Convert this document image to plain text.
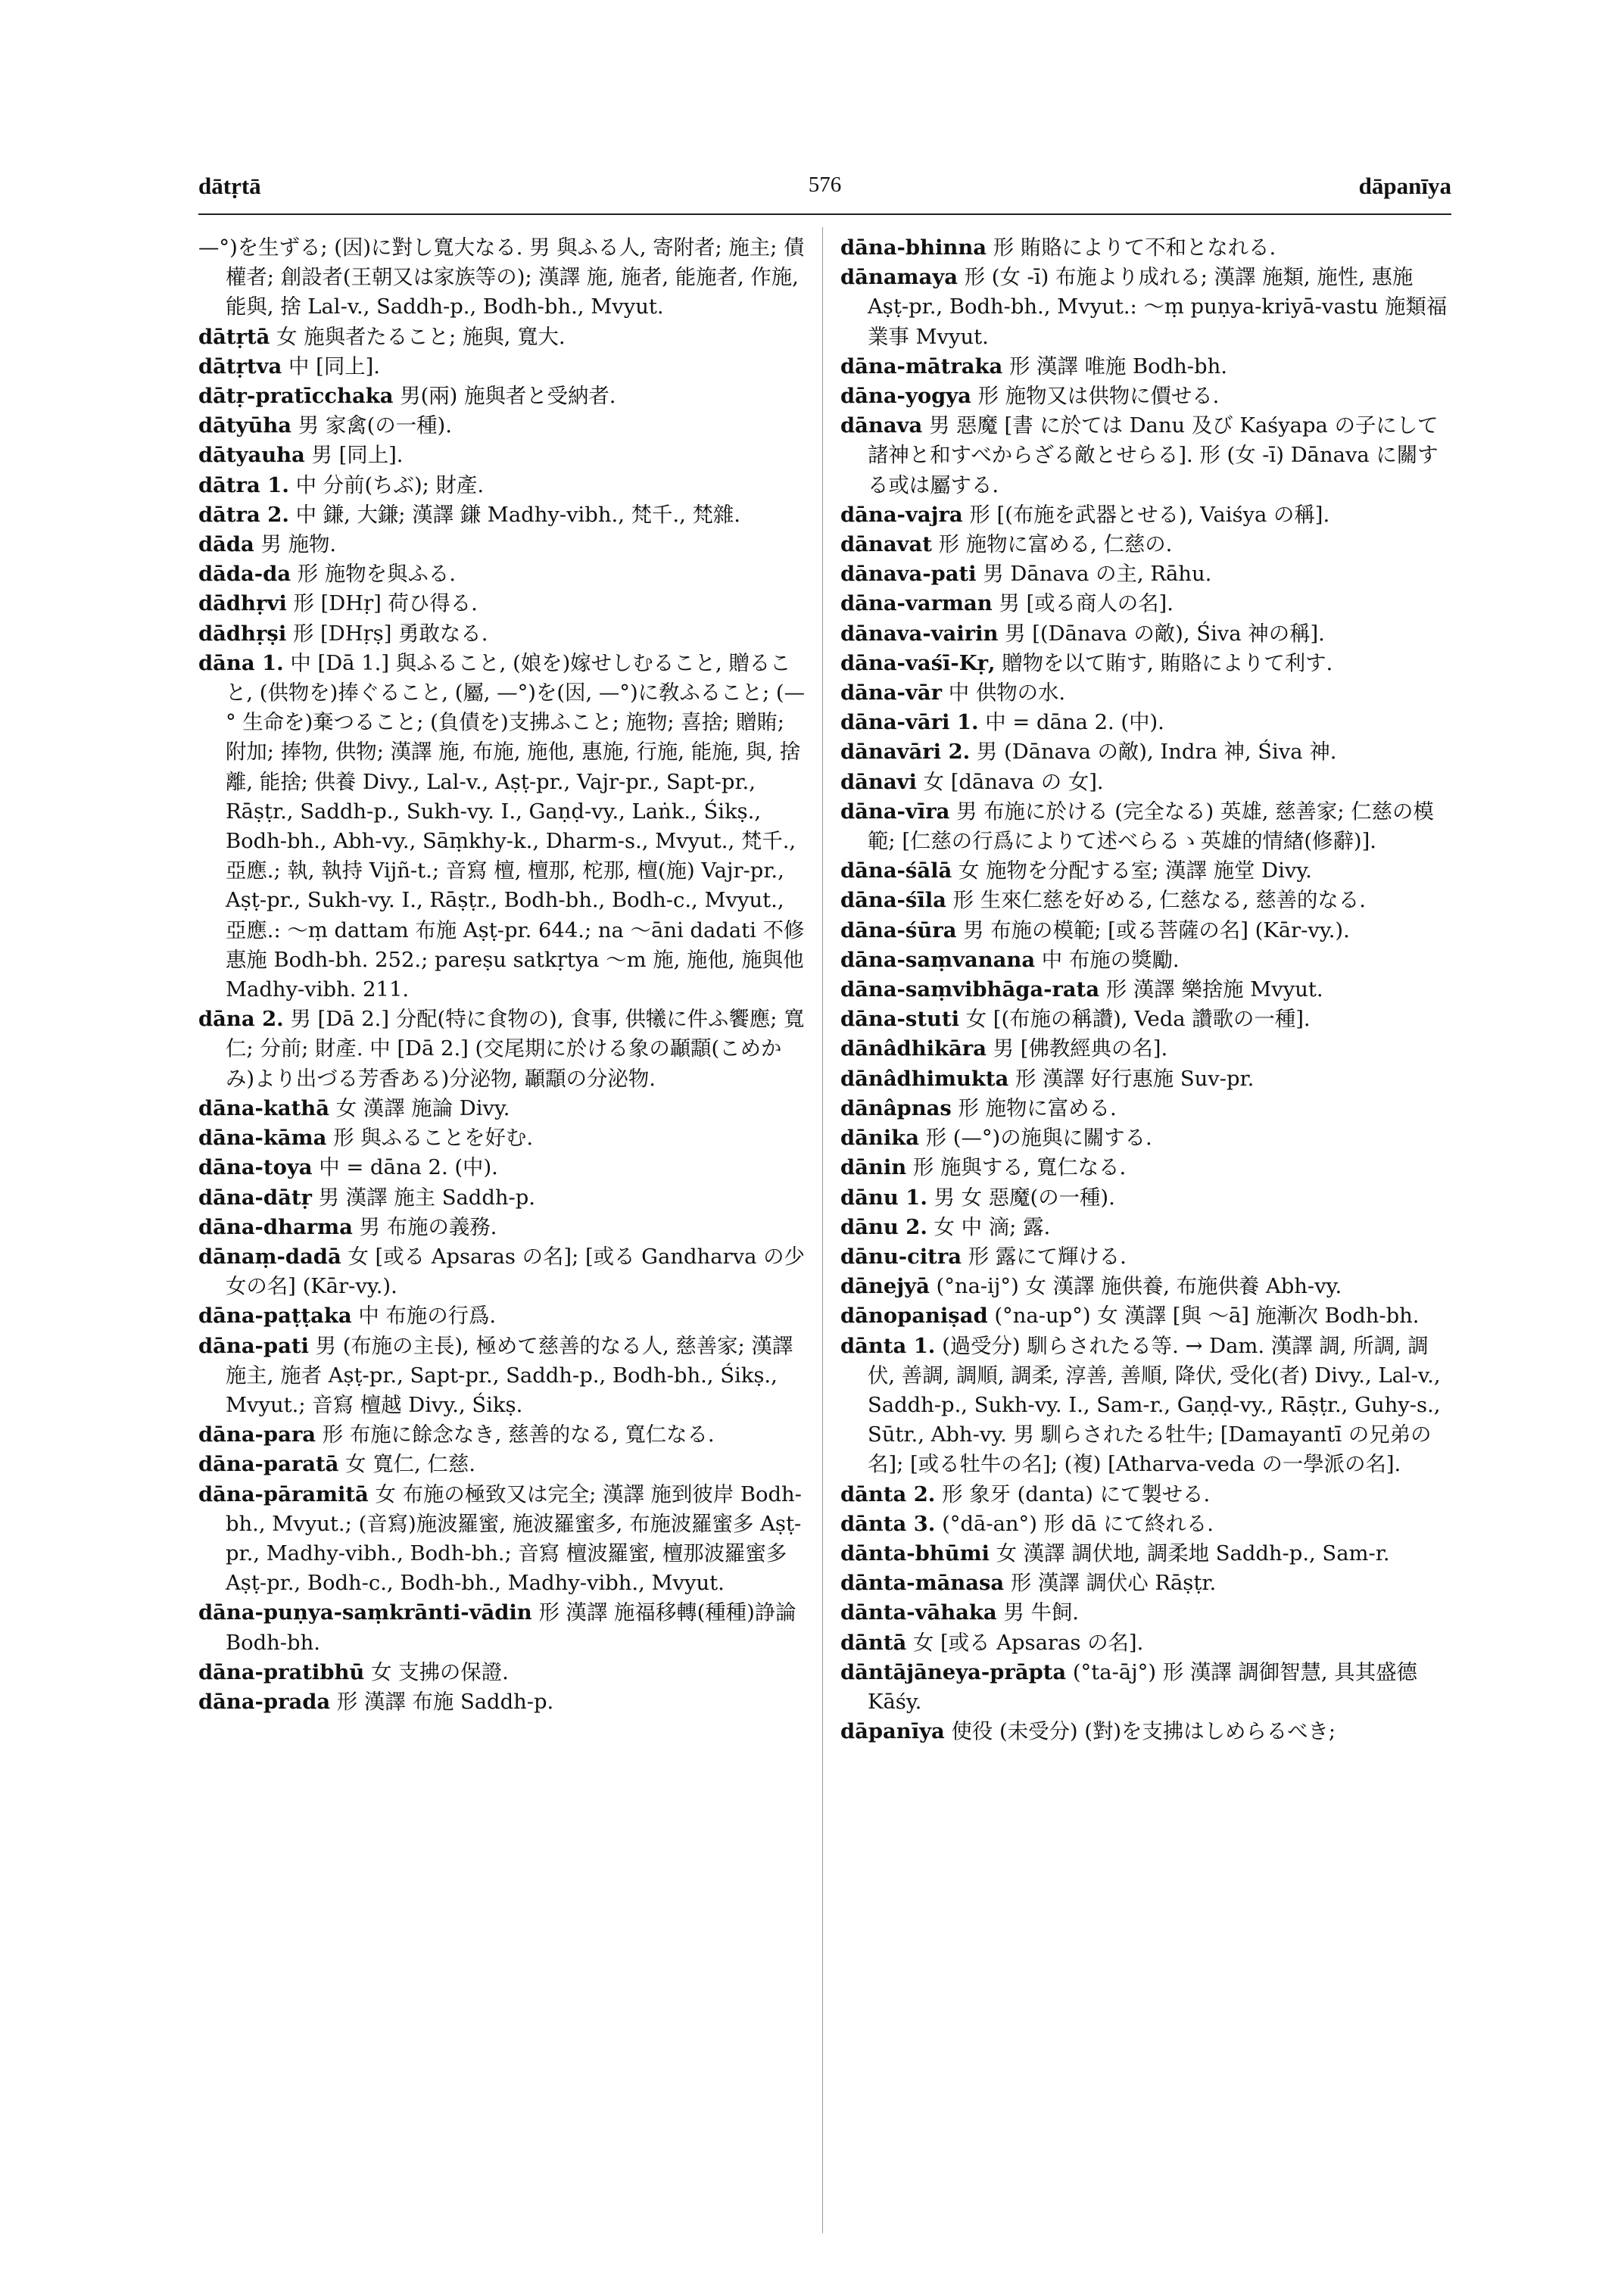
dātṛtā	576	dāpanīya

—°)を生ずる; (因)に對し寬大なる. 男 與ふる人, 寄附者; 施主; 債權者; 創設者(王朝又は家族等の); 漢譯 施, 施者, 能施者, 作施, 能與, 捨 Lal-v., Saddh-p., Bodh-bh., Mvyut.

dātṛtā 女 施與者たること; 施與, 寬大.

dātṛtva 中 [同上].

dātṛ-pratīcchaka 男(兩) 施與者と受納者.

dātyūha 男 家禽(の一種).

dātyauha 男 [同上].

dātra 1. 中 分前(ちぶ); 財產.

dātra 2. 中 鎌, 大鎌; 漢譯 鎌 Madhy-vibh., 梵千., 梵雜.

dāda 男 施物.

dāda-da 形 施物を與ふる.

dādhṛvi 形 [DHṛ] 荷ひ得る.

dādhṛṣi 形 [DHṛṣ] 勇敢なる.

dāna 1. 中 [Dā 1.] 與ふること, (娘を)嫁せしむること, 贈ること, (供物を)捧ぐること, (屬, —°)を(因, —°)に敎ふること; (—° 生命を)棄つること; (負債を)支拂ふこと; 施物; 喜捨; 贈賄; 附加; 捧物, 供物; 漢譯 施, 布施, 施他, 惠施, 行施, 能施, 與, 捨離, 能捨; 供養 Divy., Lal-v., Aṣṭ-pr., Vajr-pr., Sapt-pr., Rāṣṭr., Saddh-p., Sukh-vy. I., Gaṇḍ-vy., Laṅk., Śikṣ., Bodh-bh., Abh-vy., Sāṃkhy-k., Dharm-s., Mvyut., 梵千., 亞應.; 執, 執持 Vijñ-t.; 音寫 檀, 檀那, 柁那, 檀(施) Vajr-pr., Aṣṭ-pr., Sukh-vy. I., Rāṣṭr., Bodh-bh., Bodh-c., Mvyut., 亞應.: ～ṃ dattam 布施 Aṣṭ-pr. 644.; na ～āni dadati 不修惠施 Bodh-bh. 252.; pareṣu satkṛtya ～m 施, 施他, 施與他 Madhy-vibh. 211.

dāna 2. 男 [Dā 2.] 分配(特に食物の), 食事, 供犧に件ふ饗應; 寬仁; 分前; 財產. 中 [Dā 2.] (交尾期に於ける象の顳顬(こめかみ)より出づる芳香ある)分泌物, 顳顬の分泌物.

dāna-kathā 女 漢譯 施論 Divy.

dāna-kāma 形 與ふることを好む.

dāna-toya 中 = dāna 2. (中).

dāna-dātṛ 男 漢譯 施主 Saddh-p.

dāna-dharma 男 布施の義務.

dānaṃ-dadā 女 [或る Apsaras の名]; [或る Gandharva の少女の名] (Kār-vy.).

dāna-paṭṭaka 中 布施の行爲.

dāna-pati 男 (布施の主長), 極めて慈善的なる人, 慈善家; 漢譯 施主, 施者 Aṣṭ-pr., Sapt-pr., Saddh-p., Bodh-bh., Śikṣ., Mvyut.; 音寫 檀越 Divy., Śikṣ.

dāna-para 形 布施に餘念なき, 慈善的なる, 寬仁なる.

dāna-paratā 女 寬仁, 仁慈.

dāna-pāramitā 女 布施の極致又は完全; 漢譯 施到彼岸 Bodh-bh., Mvyut.; (音寫)施波羅蜜, 施波羅蜜多, 布施波羅蜜多 Aṣṭ-pr., Madhy-vibh., Bodh-bh.; 音寫 檀波羅蜜, 檀那波羅蜜多 Aṣṭ-pr., Bodh-c., Bodh-bh., Madhy-vibh., Mvyut.

dāna-puṇya-saṃkrānti-vādin 形 漢譯 施福移轉(種種)諍論 Bodh-bh.

dāna-pratibhū 女 支拂の保證.

dāna-prada 形 漢譯 布施 Saddh-p.

dāna-bhinna 形 賄賂によりて不和となれる.

dānamaya 形 (女 -ī) 布施より成れる; 漢譯 施類, 施性, 惠施 Aṣṭ-pr., Bodh-bh., Mvyut.: ～ṃ puṇya-kriyā-vastu 施類福業事 Mvyut.

dāna-mātraka 形 漢譯 唯施 Bodh-bh.

dāna-yogya 形 施物又は供物に價せる.

dānava 男 惡魔 [書 に於ては Danu 及び Kaśyapa の子にして諸神と和すべからざる敵とせらる]. 形 (女 -ī) Dānava に關する或は屬する.

dāna-vajra 形 [(布施を武器とせる), Vaiśya の稱].

dānavat 形 施物に富める, 仁慈の.

dānava-pati 男 Dānava の主, Rāhu.

dāna-varman 男 [或る商人の名].

dānava-vairin 男 [(Dānava の敵), Śiva 神の稱].

dāna-vaśī-Kṛ, 贈物を以て賄す, 賄賂によりて利す.

dāna-vār 中 供物の水.

dāna-vāri 1. 中 = dāna 2. (中).

dānavāri 2. 男 (Dānava の敵), Indra 神, Śiva 神.

dānavi 女 [dānava の 女].

dāna-vīra 男 布施に於ける (完全なる) 英雄, 慈善家; 仁慈の模範; [仁慈の行爲によりて述べらるゝ英雄的情緖(修辭)].

dāna-śālā 女 施物を分配する室; 漢譯 施堂 Divy.

dāna-śīla 形 生來仁慈を好める, 仁慈なる, 慈善的なる.

dāna-śūra 男 布施の模範; [或る菩薩の名] (Kār-vy.).

dāna-saṃvanana 中 布施の獎勵.

dāna-saṃvibhāga-rata 形 漢譯 樂捨施 Mvyut.

dāna-stuti 女 [(布施の稱讚), Veda 讚歌の一種].

dānâdhikāra 男 [佛教經典の名].

dānâdhimukta 形 漢譯 好行惠施 Suv-pr.

dānâpnas 形 施物に富める.

dānika 形 (—°)の施與に關する.

dānin 形 施與する, 寬仁なる.

dānu 1. 男 女 惡魔(の一種).

dānu 2. 女 中 滴; 露.

dānu-citra 形 露にて輝ける.

dānejyā (°na-ij°) 女 漢譯 施供養, 布施供養 Abh-vy.

dānopaniṣad (°na-up°) 女 漢譯 [與 ～ā] 施漸次 Bodh-bh.

dānta 1. (過受分) 馴らされたる等. → Dam. 漢譯 調, 所調, 調伏, 善調, 調順, 調柔, 淳善, 善順, 降伏, 受化(者) Divy., Lal-v., Saddh-p., Sukh-vy. I., Sam-r., Gaṇḍ-vy., Rāṣṭr., Guhy-s., Sūtr., Abh-vy. 男 馴らされたる牡牛; [Damayantī の兄弟の名]; [或る牡牛の名]; (複) [Atharva-veda の一學派の名].

dānta 2. 形 象牙 (danta) にて製せる.

dānta 3. (°dā-an°) 形 dā にて終れる.

dānta-bhūmi 女 漢譯 調伏地, 調柔地 Saddh-p., Sam-r.

dānta-mānasa 形 漢譯 調伏心 Rāṣṭr.

dānta-vāhaka 男 牛飼.

dāntā 女 [或る Apsaras の名].

dāntājāneya-prāpta (°ta-āj°) 形 漢譯 調御智慧, 具其盛德 Kāśy.

dāpanīya 使役 (未受分) (對)を支拂はしめらるべき;
